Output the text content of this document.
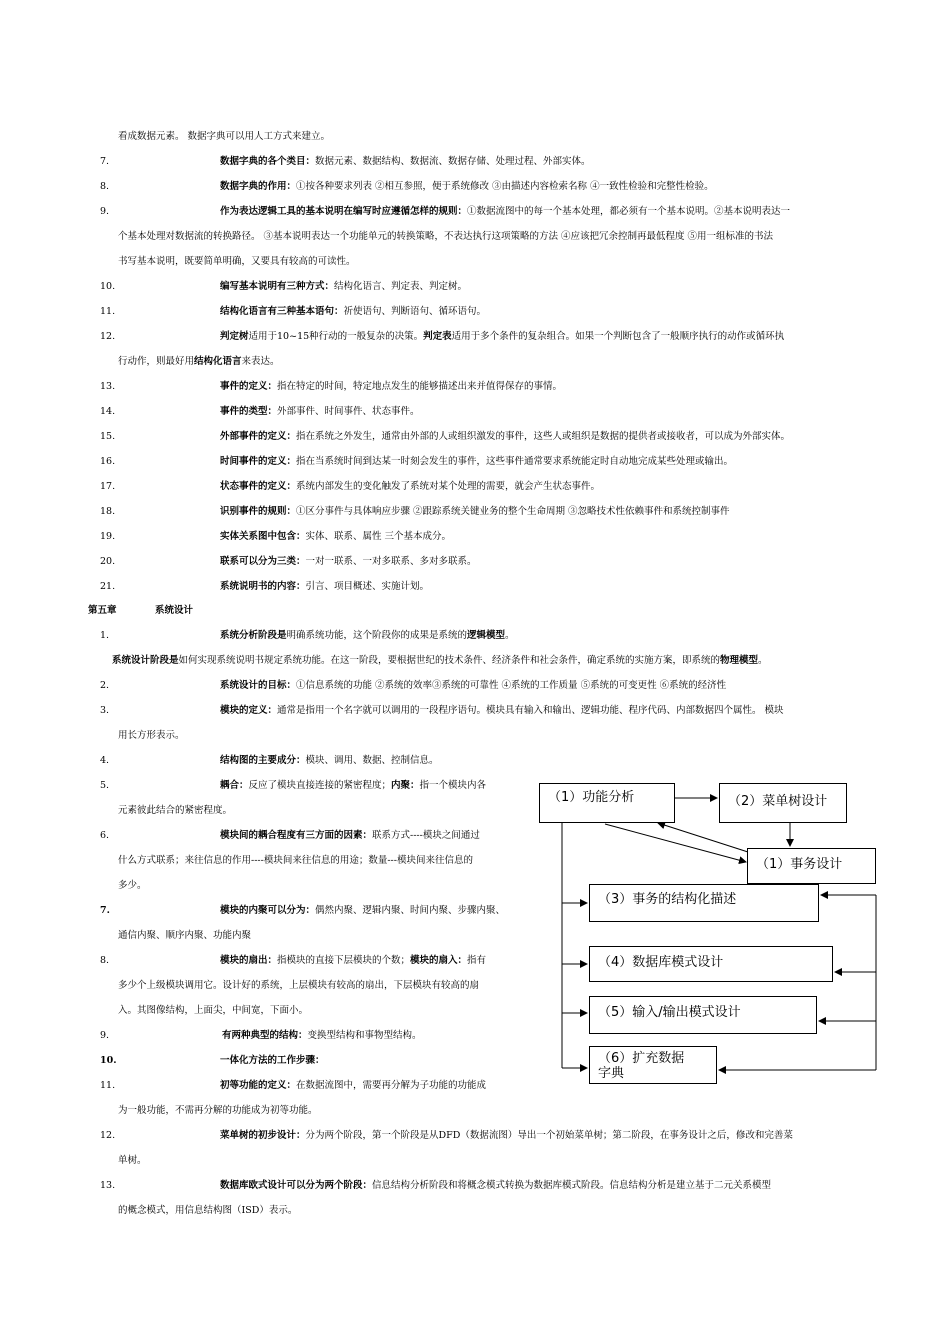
看成数据元素。 数据字典可以用人工方式来建立。
7.	数据字典的各个类目：数据元素、数据结构、数据流、数据存储、处理过程、外部实体。
8.	数据字典的作用：①按各种要求列表 ②相互参照，便于系统修改 ③由描述内容检索名称 ④一致性检验和完整性检验。
9.	作为表达逻辑工具的基本说明在编写时应遵循怎样的规则：①数据流图中的每一个基本处理，都必须有一个基本说明。②基本说明表达一
个基本处理对数据流的转换路径。 ③基本说明表达一个功能单元的转换策略，不表达执行这项策略的方法 ④应该把冗余控制再最低程度 ⑤用一组标准的书法
书写基本说明，既要简单明确，又要具有较高的可读性。
10.	编写基本说明有三种方式：结构化语言、判定表、判定树。
11.	结构化语言有三种基本语句：祈使语句、判断语句、循环语句。
12.	判定树适用于10~15种行动的一般复杂的决策。判定表适用于多个条件的复杂组合。如果一个判断包含了一般顺序执行的动作或循环执
行动作，则最好用结构化语言来表达。
13.	事件的定义：指在特定的时间，特定地点发生的能够描述出来并值得保存的事情。
14.	事件的类型：外部事件、时间事件、状态事件。
15.	外部事件的定义：指在系统之外发生，通常由外部的人或组织激发的事件，这些人或组织是数据的提供者或接收者，可以成为外部实体。
16.	时间事件的定义：指在当系统时间到达某一时刻会发生的事件，这些事件通常要求系统能定时自动地完成某些处理或输出。
17.	状态事件的定义：系统内部发生的变化触发了系统对某个处理的需要，就会产生状态事件。
18.	识别事件的规则：①区分事件与具体响应步骤 ②跟踪系统关键业务的整个生命周期 ③忽略技术性依赖事件和系统控制事件
19.	实体关系图中包含：实体、联系、属性 三个基本成分。
20.	联系可以分为三类：一对一联系、一对多联系、多对多联系。
21.	系统说明书的内容：引言、项目概述、实施计划。
第五章	系统设计
1.	系统分析阶段是明确系统功能，这个阶段你的成果是系统的逻辑模型。
系统设计阶段是如何实现系统说明书规定系统功能。在这一阶段，要根据世纪的技术条件、经济条件和社会条件，确定系统的实施方案，即系统的物理模型。
2.	系统设计的目标：①信息系统的功能 ②系统的效率③系统的可靠性 ④系统的工作质量 ⑤系统的可变更性 ⑥系统的经济性
3.	模块的定义：通常是指用一个名字就可以调用的一段程序语句。模块具有输入和输出、逻辑功能、程序代码、内部数据四个属性。 模块
用长方形表示。
4.	结构图的主要成分：模块、调用、数据、控制信息。
5.	耦合：反应了模块直接连接的紧密程度；内聚：指一个模块内各
元素彼此结合的紧密程度。
6.	模块间的耦合程度有三方面的因素：联系方式----模块之间通过
什么方式联系；来往信息的作用----模块间来往信息的用途；数量---模块间来往信息的
多少。
7.	模块的内聚可以分为：偶然内聚、逻辑内聚、时间内聚、步骤内聚、
通信内聚、顺序内聚、功能内聚
8.	模块的扇出：指模块的直接下层模块的个数；模块的扇入：指有
多少个上级模块调用它。设计好的系统，上层模块有较高的扇出，下层模块有较高的扇
入。其图像结构，上面尖，中间宽，下面小。
9.	有两种典型的结构：变换型结构和事物型结构。
10.	一体化方法的工作步骤：
11.	初等功能的定义：在数据流图中，需要再分解为子功能的功能成
为一般功能，不需再分解的功能成为初等功能。
12.	菜单树的初步设计：分为两个阶段，第一个阶段是从DFD（数据流图）导出一个初始菜单树；第二阶段，在事务设计之后，修改和完善菜
单树。
13.	数据库欧式设计可以分为两个阶段：信息结构分析阶段和将概念模式转换为数据库模式阶段。信息结构分析是建立基于二元关系模型
的概念模式，用信息结构图（ISD）表示。
（1）功能分析	（2）菜单树设计
（1）事务设计
（3）事务的结构化描述
（4）数据库模式设计
（5）输入/输出模式设计
（6）扩充数据
字典
